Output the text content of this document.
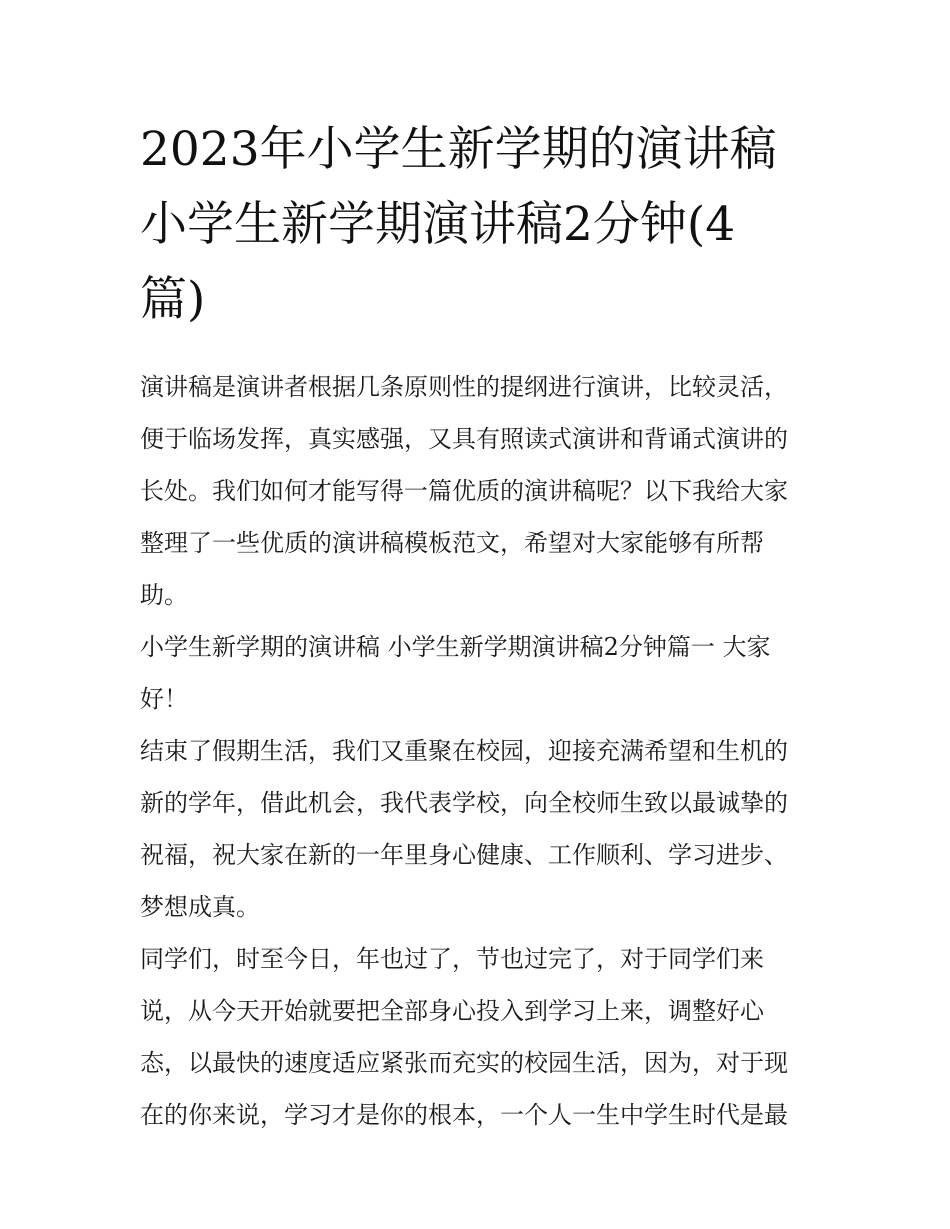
2023年小学生新学期的演讲稿
小学生新学期演讲稿2分钟(4
篇)

演讲稿是演讲者根据几条原则性的提纲进行演讲，比较灵活，
便于临场发挥，真实感强，又具有照读式演讲和背诵式演讲的
长处。我们如何才能写得一篇优质的演讲稿呢？以下我给大家
整理了一些优质的演讲稿模板范文，希望对大家能够有所帮
助。

小学生新学期的演讲稿 小学生新学期演讲稿2分钟篇一 大家
好！

结束了假期生活，我们又重聚在校园，迎接充满希望和生机的
新的学年，借此机会，我代表学校，向全校师生致以最诚挚的
祝福，祝大家在新的一年里身心健康、工作顺利、学习进步、
梦想成真。

同学们，时至今日，年也过了，节也过完了，对于同学们来
说，从今天开始就要把全部身心投入到学习上来，调整好心
态，以最快的速度适应紧张而充实的校园生活，因为，对于现
在的你来说，学习才是你的根本，一个人一生中学生时代是最
